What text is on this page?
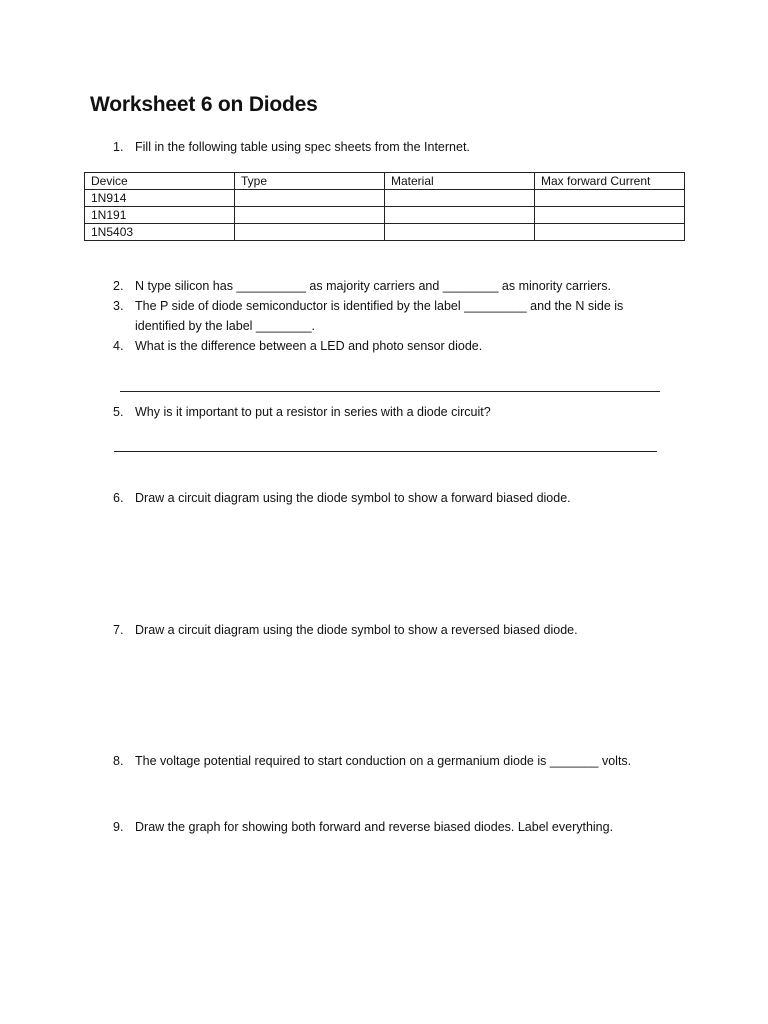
Worksheet 6 on Diodes
1. Fill in the following table using spec sheets from the Internet.
Device	Type	Material	Max forward Current
1N914			
1N191			
1N5403			
2. N type silicon has __________ as majority carriers and ________ as minority carriers.
3. The P side of diode semiconductor is identified by the label _________ and the N side is
identified by the label ________.
4. What is the difference between a LED and photo sensor diode.
5. Why is it important to put a resistor in series with a diode circuit?
6. Draw a circuit diagram using the diode symbol to show a forward biased diode.
7. Draw a circuit diagram using the diode symbol to show a reversed biased diode.
8. The voltage potential required to start conduction on a germanium diode is _______ volts.
9. Draw the graph for showing both forward and reverse biased diodes. Label everything.
